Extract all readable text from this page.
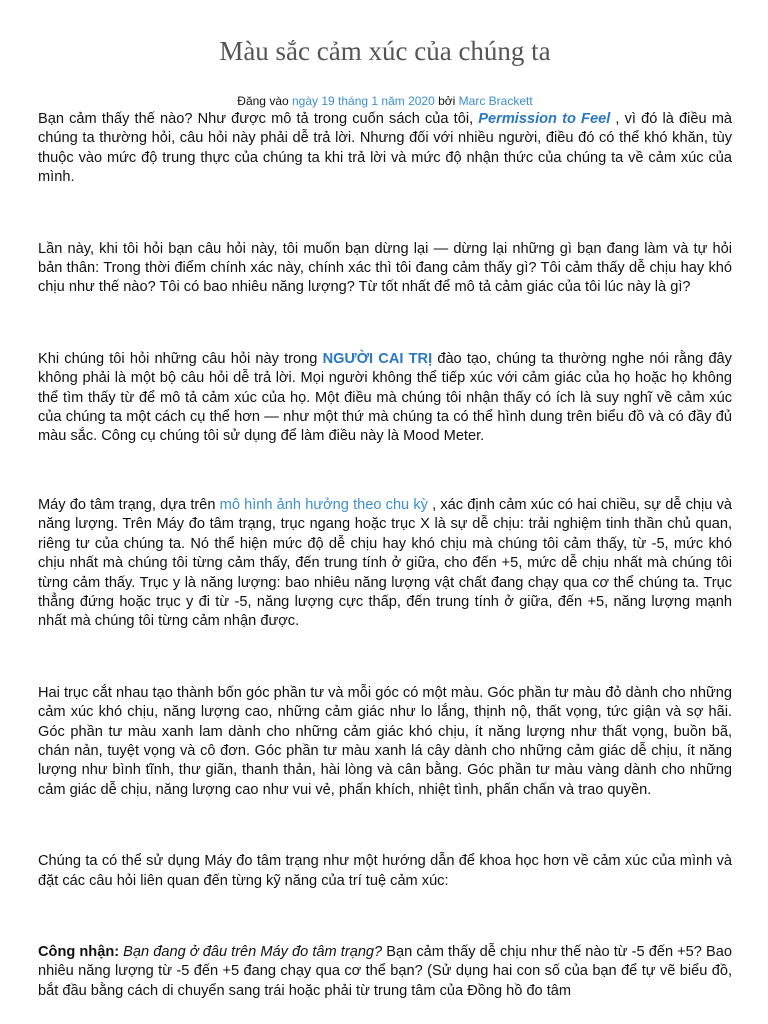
Màu sắc cảm xúc của chúng ta
Đăng vào ngày 19 tháng 1 năm 2020 bởi Marc Brackett

Bạn cảm thấy thế nào? Như được mô tả trong cuốn sách của tôi, Permission to Feel , vì đó là điều mà chúng ta thường hỏi, câu hỏi này phải dễ trả lời. Nhưng đối với nhiều người, điều đó có thể khó khăn, tùy thuộc vào mức độ trung thực của chúng ta khi trả lời và mức độ nhận thức của chúng ta về cảm xúc của mình.

Lần này, khi tôi hỏi bạn câu hỏi này, tôi muốn bạn dừng lại — dừng lại những gì bạn đang làm và tự hỏi bản thân: Trong thời điểm chính xác này, chính xác thì tôi đang cảm thấy gì? Tôi cảm thấy dễ chịu hay khó chịu như thế nào? Tôi có bao nhiêu năng lượng? Từ tốt nhất để mô tả cảm giác của tôi lúc này là gì?

Khi chúng tôi hỏi những câu hỏi này trong NGƯỜI CAI TRỊ đào tạo, chúng ta thường nghe nói rằng đây không phải là một bộ câu hỏi dễ trả lời. Mọi người không thể tiếp xúc với cảm giác của họ hoặc họ không thể tìm thấy từ để mô tả cảm xúc của họ. Một điều mà chúng tôi nhận thấy có ích là suy nghĩ về cảm xúc của chúng ta một cách cụ thể hơn — như một thứ mà chúng ta có thể hình dung trên biểu đồ và có đầy đủ màu sắc. Công cụ chúng tôi sử dụng để làm điều này là Mood Meter.

Máy đo tâm trạng, dựa trên mô hình ảnh hưởng theo chu kỳ , xác định cảm xúc có hai chiều, sự dễ chịu và năng lượng. Trên Máy đo tâm trạng, trục ngang hoặc trục X là sự dễ chịu: trải nghiệm tinh thần chủ quan, riêng tư của chúng ta. Nó thể hiện mức độ dễ chịu hay khó chịu mà chúng tôi cảm thấy, từ -5, mức khó chịu nhất mà chúng tôi từng cảm thấy, đến trung tính ở giữa, cho đến +5, mức dễ chịu nhất mà chúng tôi từng cảm thấy. Trục y là năng lượng: bao nhiêu năng lượng vật chất đang chạy qua cơ thể chúng ta. Trục thẳng đứng hoặc trục y đi từ -5, năng lượng cực thấp, đến trung tính ở giữa, đến +5, năng lượng mạnh nhất mà chúng tôi từng cảm nhận được.

Hai trục cắt nhau tạo thành bốn góc phần tư và mỗi góc có một màu. Góc phần tư màu đỏ dành cho những cảm xúc khó chịu, năng lượng cao, những cảm giác như lo lắng, thịnh nộ, thất vọng, tức giận và sợ hãi. Góc phần tư màu xanh lam dành cho những cảm giác khó chịu, ít năng lượng như thất vọng, buồn bã, chán nản, tuyệt vọng và cô đơn. Góc phần tư màu xanh lá cây dành cho những cảm giác dễ chịu, ít năng lượng như bình tĩnh, thư giãn, thanh thản, hài lòng và cân bằng. Góc phần tư màu vàng dành cho những cảm giác dễ chịu, năng lượng cao như vui vẻ, phấn khích, nhiệt tình, phấn chấn và trao quyền.

Chúng ta có thể sử dụng Máy đo tâm trạng như một hướng dẫn để khoa học hơn về cảm xúc của mình và đặt các câu hỏi liên quan đến từng kỹ năng của trí tuệ cảm xúc:

Công nhận: Bạn đang ở đâu trên Máy đo tâm trạng? Bạn cảm thấy dễ chịu như thế nào từ -5 đến +5? Bao nhiêu năng lượng từ -5 đến +5 đang chạy qua cơ thể bạn? (Sử dụng hai con số của bạn để tự vẽ biểu đồ, bắt đầu bằng cách di chuyển sang trái hoặc phải từ trung tâm của Đồng hồ đo tâm
